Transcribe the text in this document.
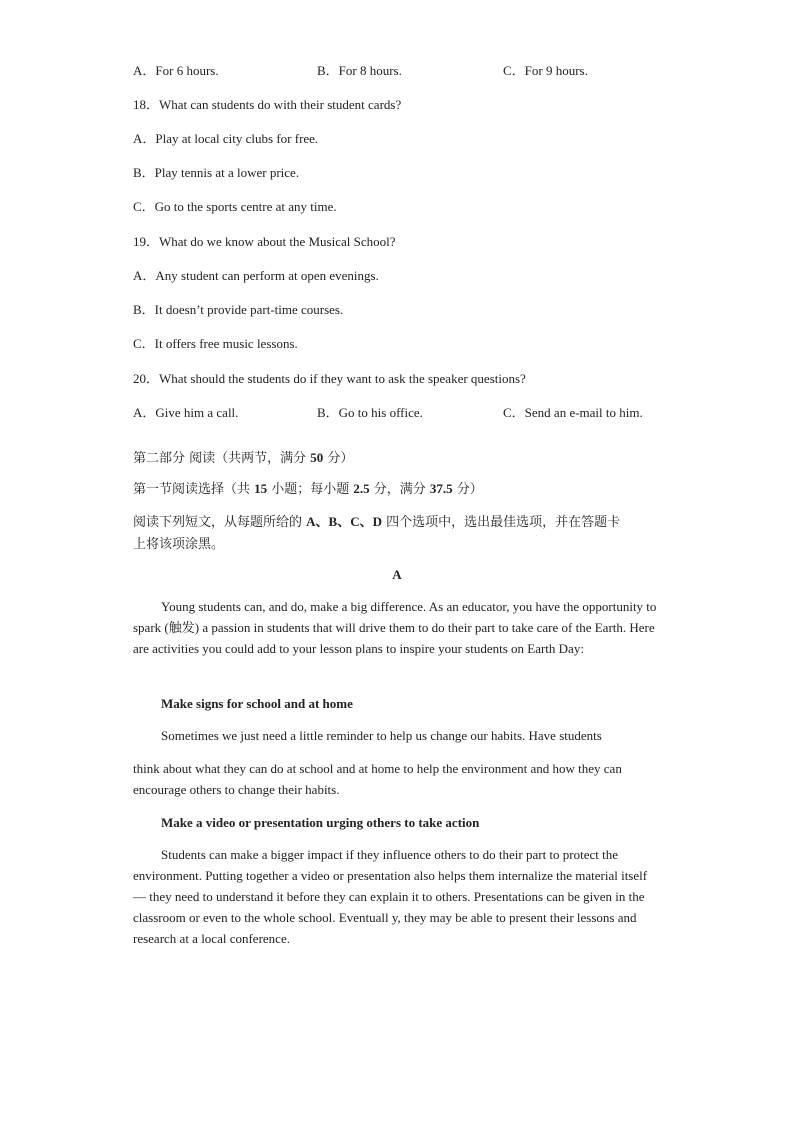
A．For 6 hours.	B．For 8 hours.	C．For 9 hours.
18．What can students do with their student cards?
A．Play at local city clubs for free.
B．Play tennis at a lower price.
C．Go to the sports centre at any time.
19．What do we know about the Musical School?
A．Any student can perform at open evenings.
B．It doesn’t provide part-time courses.
C．It offers free music lessons.
20．What should the students do if they want to ask the speaker questions?
A．Give him a call.	B．Go to his office.	C．Send an e-mail to him.
第二部分 阅读（共两节，满分 50 分）
第一节阅读选择（共 15 小题；每小题 2.5 分，满分 37.5 分）
阅读下列短文，从每题所给的 A、B、C、D 四个选项中，选出最佳选项，并在答题卡
上将该项涂黑。
A
Young students can, and do, make a big difference. As an educator, you have the opportunity to spark (触发) a passion in students that will drive them to do their part to take care of the Earth. Here are activities you could add to your lesson plans to inspire your students on Earth Day:
Make signs for school and at home
Sometimes we just need a little reminder to help us change our habits. Have students
think about what they can do at school and at home to help the environment and how they can encourage others to change their habits.
Make a video or presentation urging others to take action
Students can make a bigger impact if they influence others to do their part to protect the environment. Putting together a video or presentation also helps them internalize the material itself — they need to understand it before they can explain it to others. Presentations can be given in the classroom or even to the whole school. Eventuall y, they may be able to present their lessons and research at a local conference.
